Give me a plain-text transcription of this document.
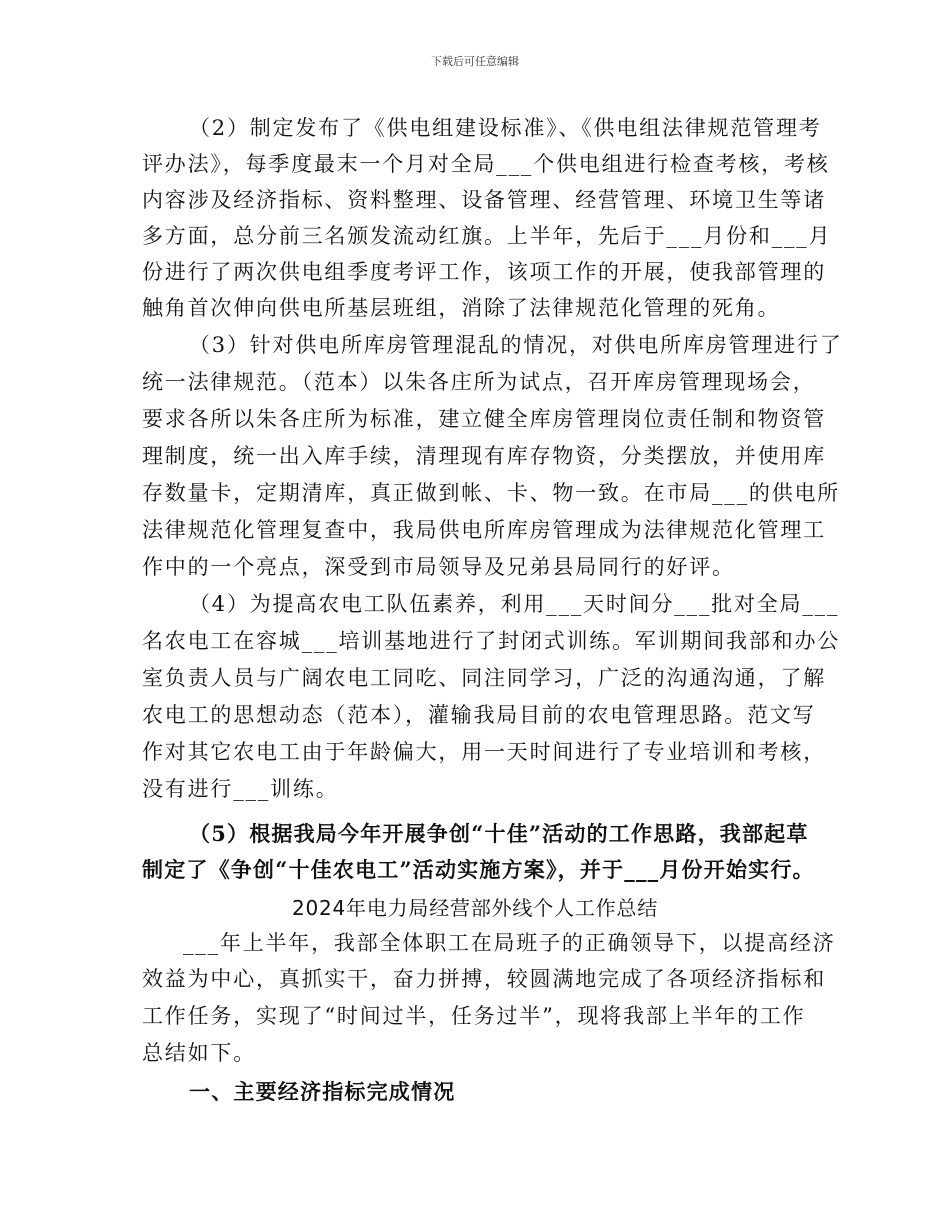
下载后可任意编辑
（2）制定发布了《供电组建设标准》、《供电组法律规范管理考
评办法》，每季度最末一个月对全局___个供电组进行检查考核，考核
内容涉及经济指标、资料整理、设备管理、经营管理、环境卫生等诸
多方面，总分前三名颁发流动红旗。上半年，先后于___月份和___月
份进行了两次供电组季度考评工作，该项工作的开展，使我部管理的
触角首次伸向供电所基层班组，消除了法律规范化管理的死角。
（3）针对供电所库房管理混乱的情况，对供电所库房管理进行了
统一法律规范。（范本）以朱各庄所为试点，召开库房管理现场会，
要求各所以朱各庄所为标准，建立健全库房管理岗位责任制和物资管
理制度，统一出入库手续，清理现有库存物资，分类摆放，并使用库
存数量卡，定期清库，真正做到帐、卡、物一致。在市局___的供电所
法律规范化管理复查中，我局供电所库房管理成为法律规范化管理工
作中的一个亮点，深受到市局领导及兄弟县局同行的好评。
（4）为提高农电工队伍素养，利用___天时间分___批对全局___
名农电工在容城___培训基地进行了封闭式训练。军训期间我部和办公
室负责人员与广阔农电工同吃、同注同学习，广泛的沟通沟通，了解
农电工的思想动态（范本），灌输我局目前的农电管理思路。范文写
作对其它农电工由于年龄偏大，用一天时间进行了专业培训和考核，
没有进行___训练。
（5）根据我局今年开展争创“十佳”活动的工作思路，我部起草
制定了《争创“十佳农电工”活动实施方案》，并于___月份开始实行。
2024年电力局经营部外线个人工作总结
___年上半年，我部全体职工在局班子的正确领导下，以提高经济
效益为中心，真抓实干，奋力拼搏，较圆满地完成了各项经济指标和
工作任务，实现了“时间过半，任务过半”，现将我部上半年的工作
总结如下。
一、主要经济指标完成情况
